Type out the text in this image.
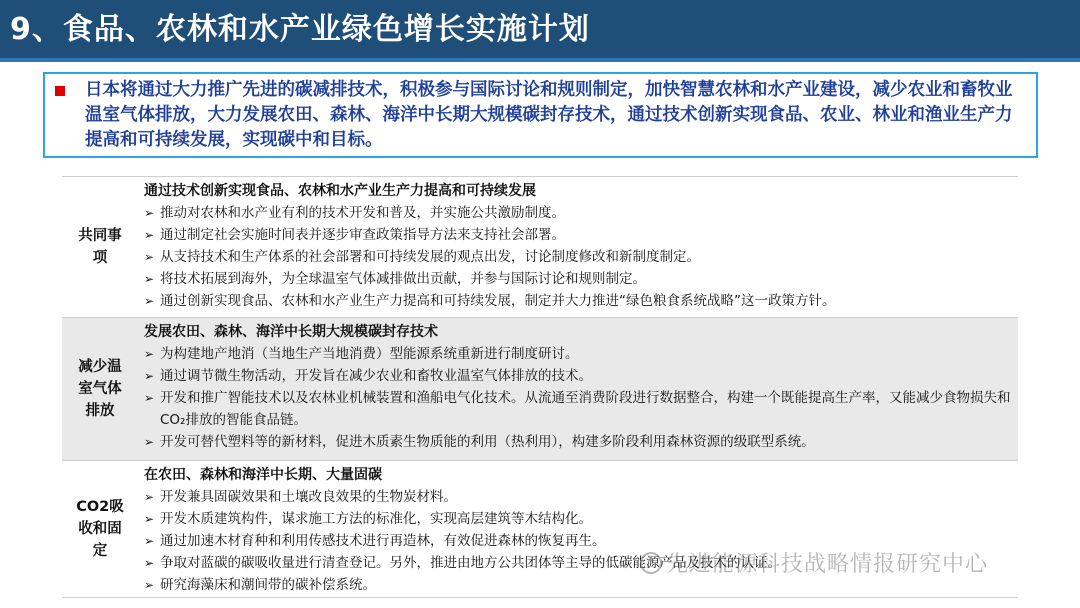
9、食品、农林和水产业绿色增长实施计划
日本将通过大力推广先进的碳减排技术，积极参与国际讨论和规则制定，加快智慧农林和水产业建设，减少农业和畜牧业温室气体排放，大力发展农田、森林、海洋中长期大规模碳封存技术，通过技术创新实现食品、农业、林业和渔业生产力提高和可持续发展，实现碳中和目标。
共同事项
通过技术创新实现食品、农林和水产业生产力提高和可持续发展
➢ 推动对农林和水产业有利的技术开发和普及，并实施公共激励制度。
➢ 通过制定社会实施时间表并逐步审查政策指导方法来支持社会部署。
➢ 从支持技术和生产体系的社会部署和可持续发展的观点出发，讨论制度修改和新制度制定。
➢ 将技术拓展到海外，为全球温室气体减排做出贡献，并参与国际讨论和规则制定。
➢ 通过创新实现食品、农林和水产业生产力提高和可持续发展，制定并大力推进“绿色粮食系统战略”这一政策方针。
减少温室气体排放
发展农田、森林、海洋中长期大规模碳封存技术
➢ 为构建地产地消（当地生产当地消费）型能源系统重新进行制度研讨。
➢ 通过调节微生物活动，开发旨在减少农业和畜牧业温室气体排放的技术。
➢ 开发和推广智能技术以及农林业机械装置和渔船电气化技术。从流通至消费阶段进行数据整合，构建一个既能提高生产率，又能减少食物损失和CO₂排放的智能食品链。
➢ 开发可替代塑料等的新材料，促进木质素生物质能的利用（热利用），构建多阶段利用森林资源的级联型系统。
CO2吸收和固定
在农田、森林和海洋中长期、大量固碳
➢ 开发兼具固碳效果和土壤改良效果的生物炭材料。
➢ 开发木质建筑构件，谋求施工方法的标准化，实现高层建筑等木结构化。
➢ 通过加速木材育种和利用传感技术进行再造林，有效促进森林的恢复再生。
➢ 争取对蓝碳的碳吸收量进行清查登记。另外，推进由地方公共团体等主导的低碳能源产品及技术的认证。
➢ 研究海藻床和潮间带的碳补偿系统。
先进能源科技战略情报研究中心
